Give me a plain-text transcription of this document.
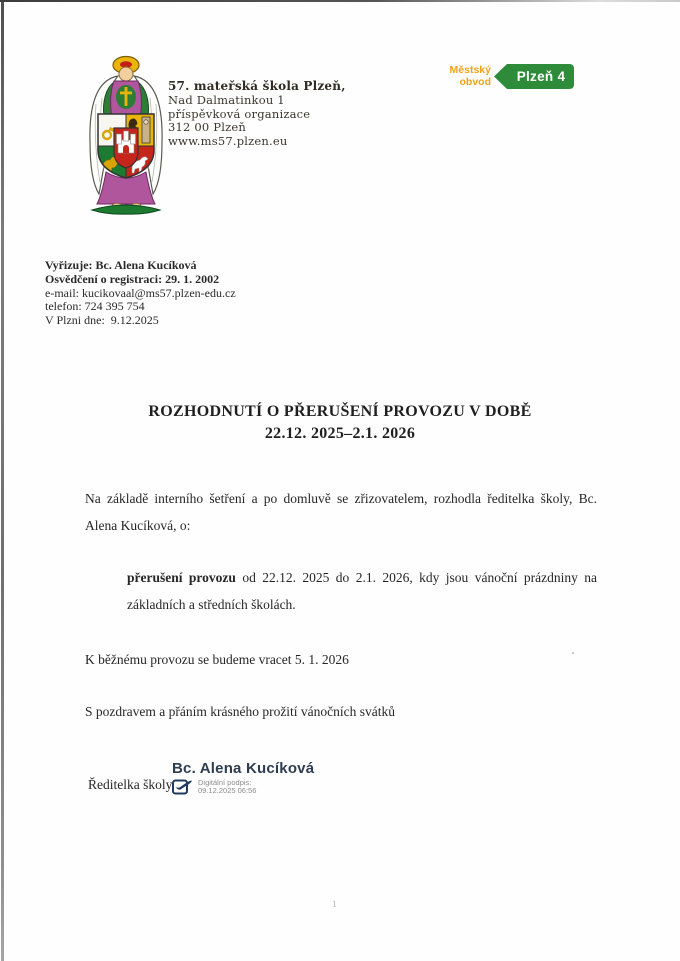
57. mateřská škola Plzeň,
Nad Dalmatinkou 1
příspěvková organizace
312 00 Plzeň
www.ms57.plzen.eu
Městský
obvod	Plzeň 4
Vyřizuje: Bc. Alena Kucíková
Osvědčení o registraci: 29. 1. 2002
e-mail: kucikovaal@ms57.plzen-edu.cz
telefon: 724 395 754
V Plzni dne:  9.12.2025
ROZHODNUTÍ O PŘERUŠENÍ PROVOZU V DOBĚ
22.12. 2025–2.1. 2026

Na základě interního šetření a po domluvě se zřizovatelem, rozhodla ředitelka školy, Bc. Alena Kucíková, o:

přerušení provozu od 22.12. 2025 do 2.1. 2026, kdy jsou vánoční prázdniny na základních a středních školách.

K běžnému provozu se budeme vracet 5. 1. 2026

S pozdravem a přáním krásného prožití vánočních svátků

Bc. Alena Kucíková
Ředitelka školy	Digitální podpis:
09.12.2025 06:56
1
